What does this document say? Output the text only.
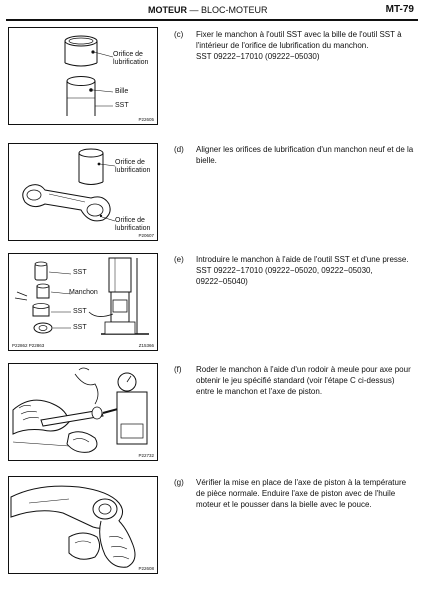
MOTEUR — BLOC-MOTEUR	MT-79
Orifice de
lubrification
Bille
SST
P22605
Orifice de
lubrification
Orifice de
lubrification
P20607
SST
Manchon
SST
SST
P22862 P22863	Z15366
P22732
P22608
(c) Fixer le manchon à l'outil SST avec la bille de l'outil SST à l'intérieur de l'orifice de lubrification du manchon.
SST 09222−17010 (09222−05030)
(d) Aligner les orifices de lubrification d'un manchon neuf et de la bielle.
(e) Introduire le manchon à l'aide de l'outil SST et d'une presse.
SST 09222−17010 (09222−05020, 09222−05030, 09222−05040)
(f) Roder le manchon à l'aide d'un rodoir à meule pour axe pour obtenir le jeu spécifié standard (voir l'étape C ci-dessus) entre le manchon et l'axe de piston.
(g) Vérifier la mise en place de l'axe de piston à la température de pièce normale. Enduire l'axe de piston avec de l'huile moteur et le pousser dans la bielle avec le pouce.
